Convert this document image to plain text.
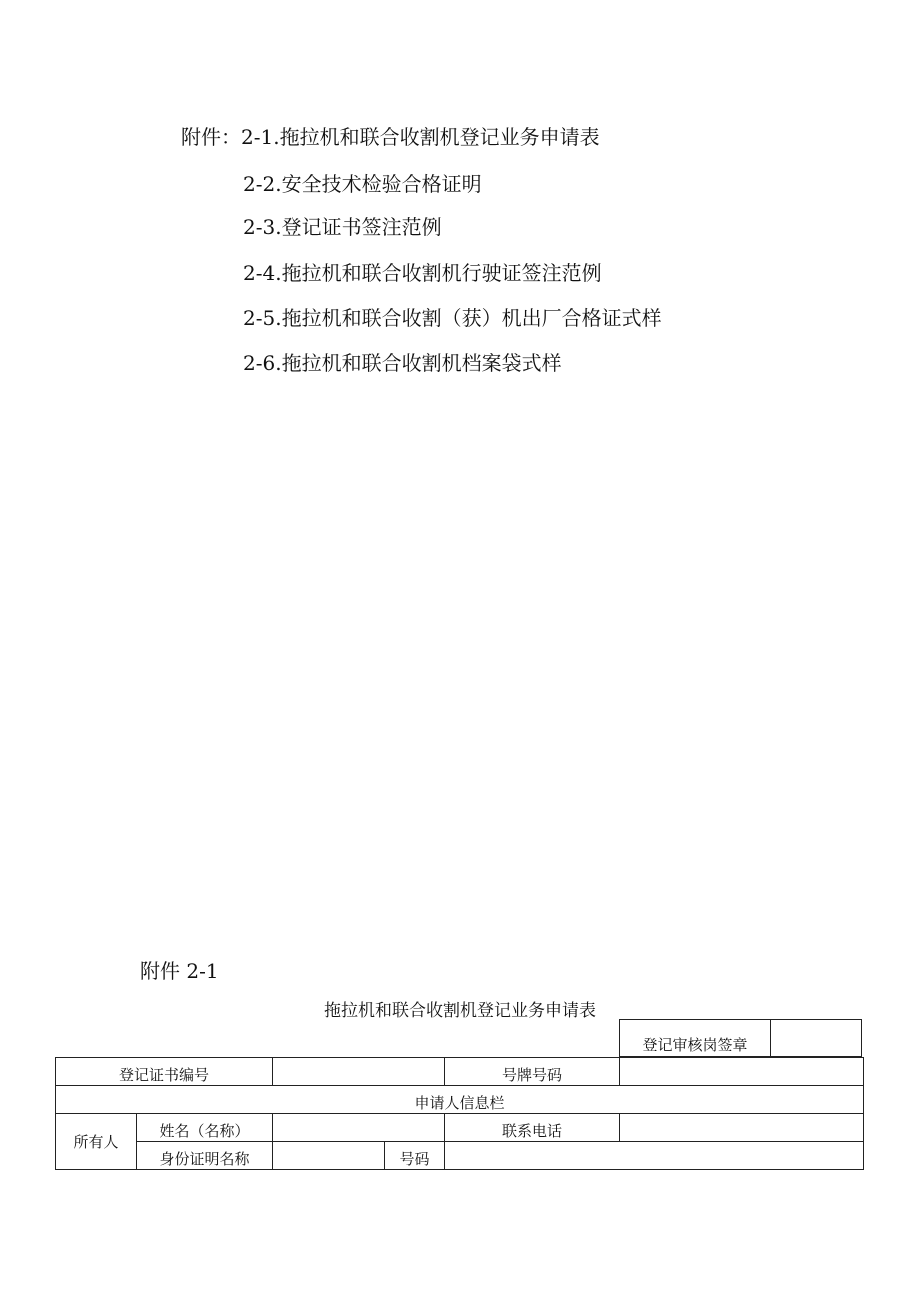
附件：2-1.拖拉机和联合收割机登记业务申请表
2-2.安全技术检验合格证明
2-3.登记证书签注范例
2-4.拖拉机和联合收割机行驶证签注范例
2-5.拖拉机和联合收割（获）机出厂合格证式样
2-6.拖拉机和联合收割机档案袋式样
附件 2-1
拖拉机和联合收割机登记业务申请表
登记审核岗签章
登记证书编号				号牌号码	
申请人信息栏					
所有人	姓名（名称）			联系电话	
	身份证明名称		号码		
